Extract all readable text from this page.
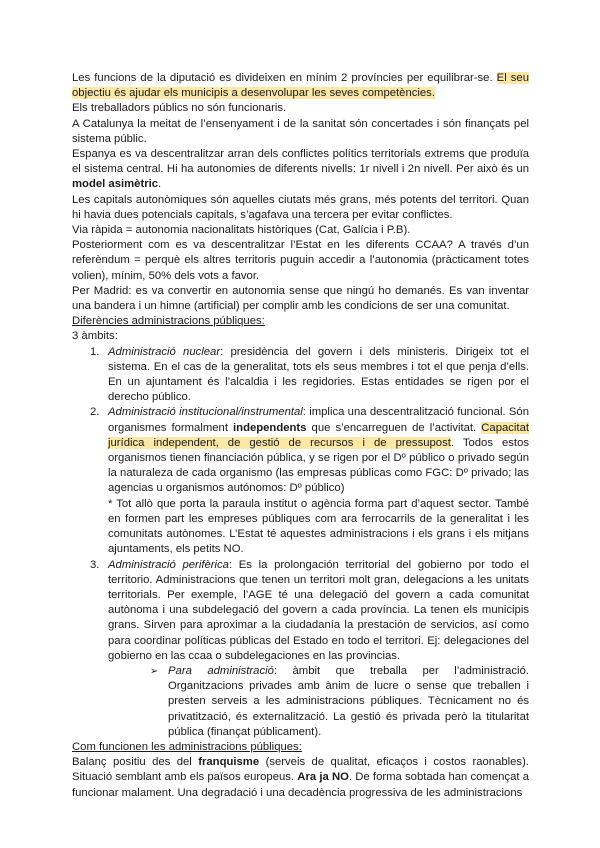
Les funcions de la diputació es divideixen en mínim 2 províncies per equilibrar-se. El seu objectiu és ajudar els municipis a desenvolupar les seves competències.

Els treballadors públics no són funcionaris.

A Catalunya la meitat de l’ensenyament i de la sanitat són concertades i són finançats pel sistema públic.

Espanya es va descentralitzar arran dels conflictes polítics territorials extrems que produïa el sistema central. Hi ha autonomies de diferents nivells: 1r nivell i 2n nivell. Per això és un model asimètric.

Les capitals autonòmiques són aquelles ciutats més grans, més potents del territori. Quan hi havia dues potencials capitals, s’agafava una tercera per evitar conflictes.

Via ràpida = autonomia nacionalitats històriques (Cat, Galícia i P.B).

Posteriorment com es va descentralitzar l’Estat en les diferents CCAA? A través d’un referèndum = perquè els altres territoris puguin accedir a l’autonomia (pràcticament totes volien), mínim, 50% dels vots a favor.

Per Madrid: es va convertir en autonomia sense que ningú ho demanés. Es van inventar una bandera i un himne (artificial) per complir amb les condicions de ser una comunitat.

Diferències administracions públiques:

3 àmbits:

1. Administració nuclear: presidència del govern i dels ministeris. Dirigeix tot el sistema. En el cas de la generalitat, tots els seus membres i tot el que penja d’ells. En un ajuntament és l’alcaldia i les regidories. Estas entidades se rigen por el derecho público.
2. Administració institucional/instrumental: implica una descentralització funcional. Són organismes formalment independents que s’encarreguen de l’activitat. Capacitat jurídica independent, de gestió de recursos i de pressupost. Todos estos organismos tienen financiación pública, y se rigen por el Dº público o privado según la naturaleza de cada organismo (las empresas públicas como FGC: Dº privado; las agencias u organismos autónomos: Dº público)
* Tot allò que porta la paraula institut o agència forma part d’aquest sector. També en formen part les empreses públiques com ara ferrocarrils de la generalitat i les comunitats autònomes. L’Estat té aquestes administracions i els grans i els mitjans ajuntaments, els petits NO.
3. Administració perifèrica: Es la prolongación territorial del gobierno por todo el territorio. Administracions que tenen un territori molt gran, delegacions a les unitats territorials. Per exemple, l’AGE té una delegació del govern a cada comunitat autònoma i una subdelegació del govern a cada província. La tenen els municipis grans. Sirven para aproximar a la ciudadanía la prestación de servicios, así como para coordinar políticas públicas del Estado en todo el territori. Ej: delegaciones del gobierno en las ccaa o subdelegaciones en las provincias.
➢ Para administració: àmbit que treballa per l’administració. Organitzacions privades amb ànim de lucre o sense que treballen i presten serveis a les administracions públiques. Tècnicament no és privatització, és externalització. La gestió és privada però la titularitat pública (finançat públicament).

Com funcionen les administracions públiques:

Balanç positiu des del franquisme (serveis de qualitat, eficaços i costos raonables). Situació semblant amb els països europeus. Ara ja NO. De forma sobtada han començat a funcionar malament. Una degradació i una decadència progressiva de les administracions
